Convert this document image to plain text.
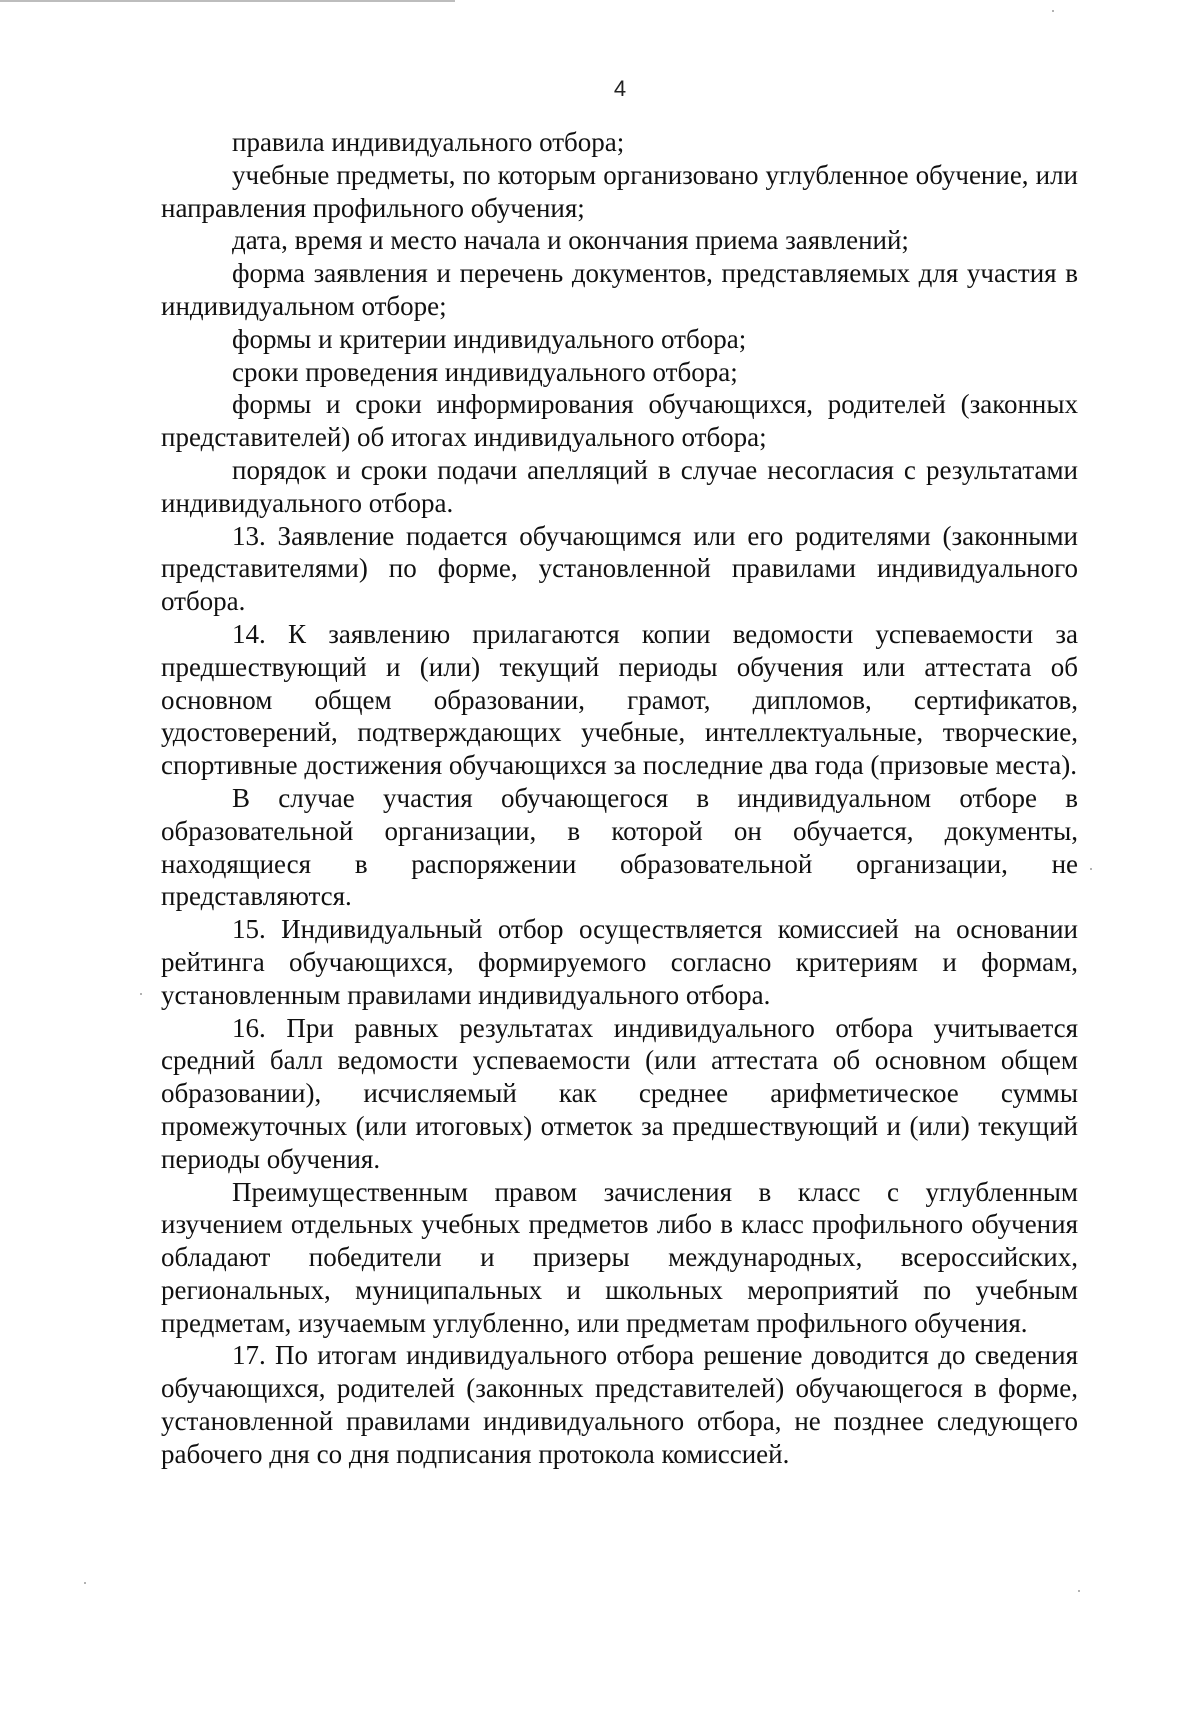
4

правила индивидуального отбора;

учебные предметы, по которым организовано углубленное обучение, или направления профильного обучения;

дата, время и место начала и окончания приема заявлений;

форма заявления и перечень документов, представляемых для участия в индивидуальном отборе;

формы и критерии индивидуального отбора;

сроки проведения индивидуального отбора;

формы и сроки информирования обучающихся, родителей (законных представителей) об итогах индивидуального отбора;

порядок и сроки подачи апелляций в случае несогласия с результатами индивидуального отбора.

13. Заявление подается обучающимся или его родителями (законными представителями) по форме, установленной правилами индивидуального отбора.

14. К заявлению прилагаются копии ведомости успеваемости за предшествующий и (или) текущий периоды обучения или аттестата об основном общем образовании, грамот, дипломов, сертификатов, удостоверений, подтверждающих учебные, интеллектуальные, творческие, спортивные достижения обучающихся за последние два года (призовые места).

В случае участия обучающегося в индивидуальном отборе в образовательной организации, в которой он обучается, документы, находящиеся в распоряжении образовательной организации, не представляются.

15. Индивидуальный отбор осуществляется комиссией на основании рейтинга обучающихся, формируемого согласно критериям и формам, установленным правилами индивидуального отбора.

16. При равных результатах индивидуального отбора учитывается средний балл ведомости успеваемости (или аттестата об основном общем образовании), исчисляемый как среднее арифметическое суммы промежуточных (или итоговых) отметок за предшествующий и (или) текущий периоды обучения.

Преимущественным правом зачисления в класс с углубленным изучением отдельных учебных предметов либо в класс профильного обучения обладают победители и призеры международных, всероссийских, региональных, муниципальных и школьных мероприятий по учебным предметам, изучаемым углубленно, или предметам профильного обучения.

17. По итогам индивидуального отбора решение доводится до сведения обучающихся, родителей (законных представителей) обучающегося в форме, установленной правилами индивидуального отбора, не позднее следующего рабочего дня со дня подписания протокола комиссией.
